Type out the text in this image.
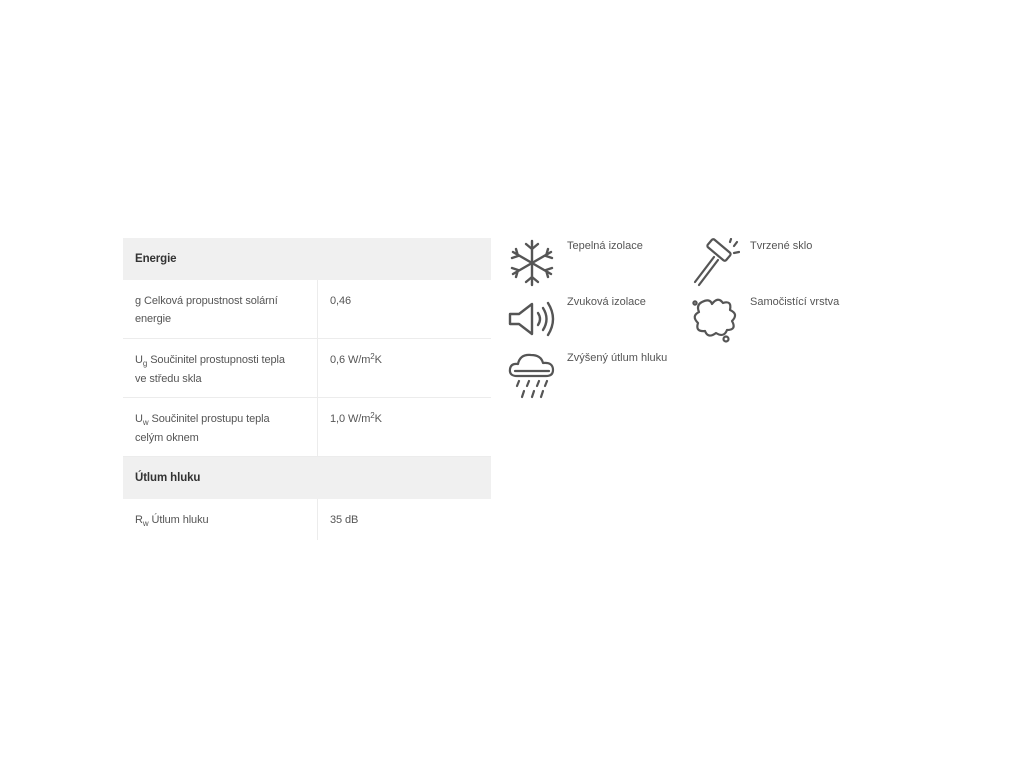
Energie	
g Celková propustnost solární
energie	0,46
$U_g$ Součinitel prostupnosti tepla
ve středu skla	0,6 $W/m^2K$
$U_w$ Součinitel prostupu tepla
celým oknem	1,0 $W/m^2K$
Útlum hluku	
$R_w$ Útlum hluku	35 dB
Tepelná izolace	Tvrzené sklo
Zvuková izolace	Samočistící vrstva
Zvýšený útlum hluku
